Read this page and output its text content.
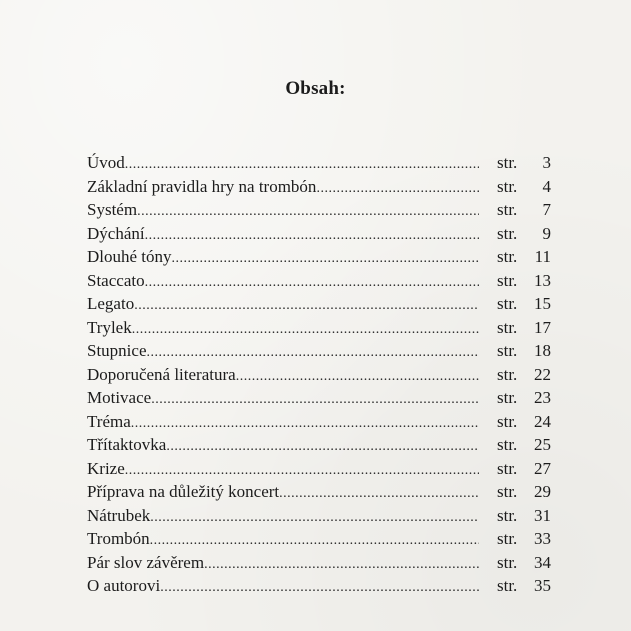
Obsah:
Úvod .....	str.	3
Základní pravidla hry na trombón .....	str.	4
Systém .....	str.	7
Dýchání .....	str.	9
Dlouhé tóny .....	str.	11
Staccato .....	str. 13
Legato .....	str. 15
Trylek .....	str. 17
Stupnice .....	str. 18
Doporučená literatura .....	str. 22
Motivace .....	str. 23
Tréma .....	str. 24
Třítaktovka .....	str. 25
Krize .....	str. 27
Příprava na důležitý koncert .....	str. 29
Nátrubek .....	str. 31
Trombón .....	str. 33
Pár slov závěrem .....	str. 34
O autorovi .....	str. 35
